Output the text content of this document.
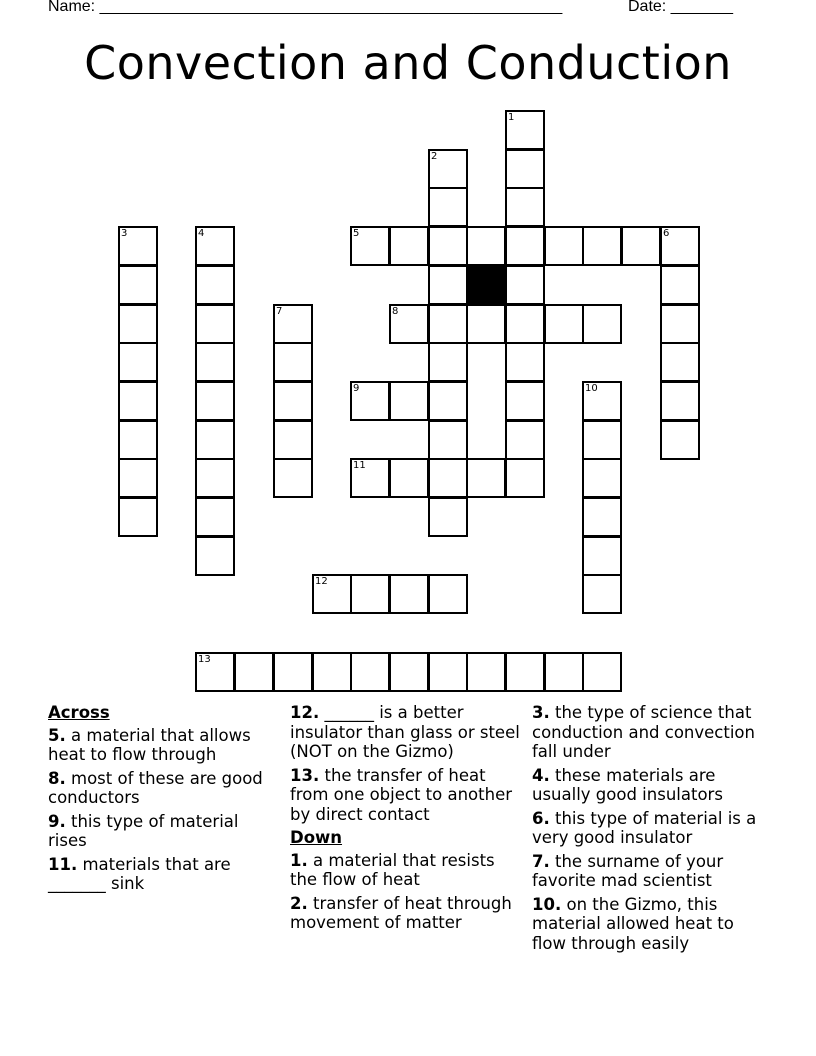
Name: ____________________________________________________	Date: _______
Convection and Conduction
1
2
3	4	6
7
10
5
8
9
11
12
13
Across
5. a material that allows heat to flow through
8. most of these are good conductors
9. this type of material rises
11. materials that are _______ sink
12. ______ is a better insulator than glass or steel (NOT on the Gizmo)
13. the transfer of heat from one object to another by direct contact
Down
1. a material that resists the flow of heat
2. transfer of heat through movement of matter
3. the type of science that conduction and convection fall under
4. these materials are usually good insulators
6. this type of material is a very good insulator
7. the surname of your favorite mad scientist
10. on the Gizmo, this material allowed heat to flow through easily
